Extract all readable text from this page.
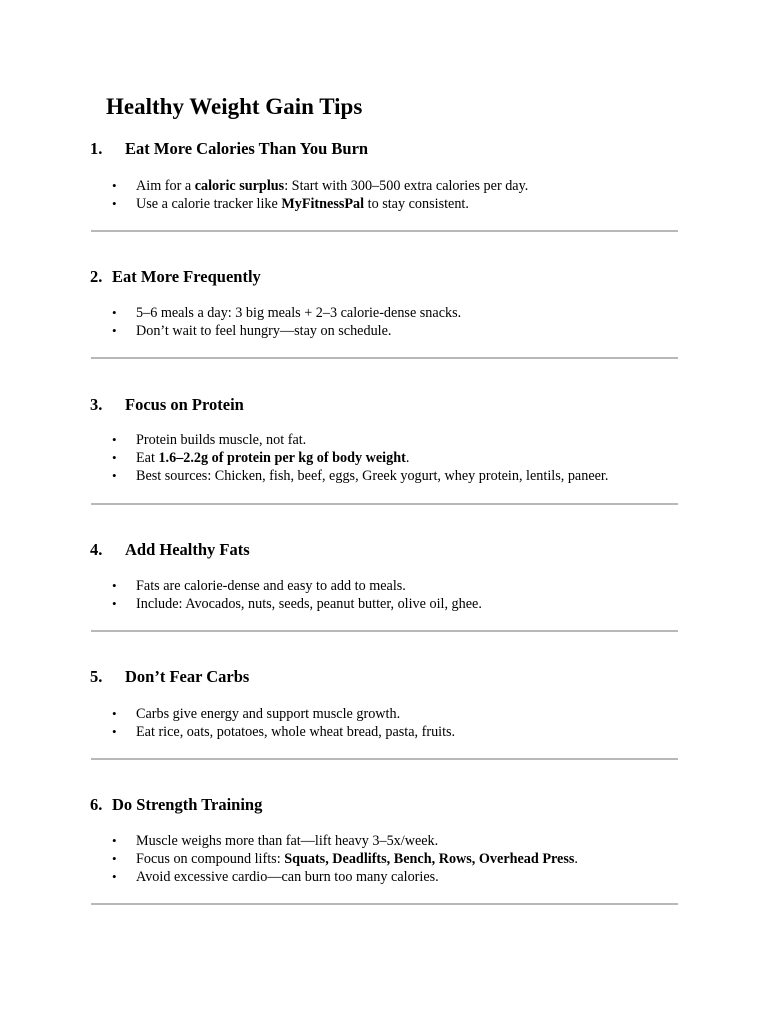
Healthy Weight Gain Tips
1. Eat More Calories Than You Burn
• Aim for a caloric surplus: Start with 300–500 extra calories per day.
• Use a calorie tracker like MyFitnessPal to stay consistent.
2. Eat More Frequently
• 5–6 meals a day: 3 big meals + 2–3 calorie-dense snacks.
• Don’t wait to feel hungry—stay on schedule.
3. Focus on Protein
• Protein builds muscle, not fat.
• Eat 1.6–2.2g of protein per kg of body weight.
• Best sources: Chicken, fish, beef, eggs, Greek yogurt, whey protein, lentils, paneer.
4. Add Healthy Fats
• Fats are calorie-dense and easy to add to meals.
• Include: Avocados, nuts, seeds, peanut butter, olive oil, ghee.
5. Don’t Fear Carbs
• Carbs give energy and support muscle growth.
• Eat rice, oats, potatoes, whole wheat bread, pasta, fruits.
6. Do Strength Training
• Muscle weighs more than fat—lift heavy 3–5x/week.
• Focus on compound lifts: Squats, Deadlifts, Bench, Rows, Overhead Press.
• Avoid excessive cardio—can burn too many calories.
